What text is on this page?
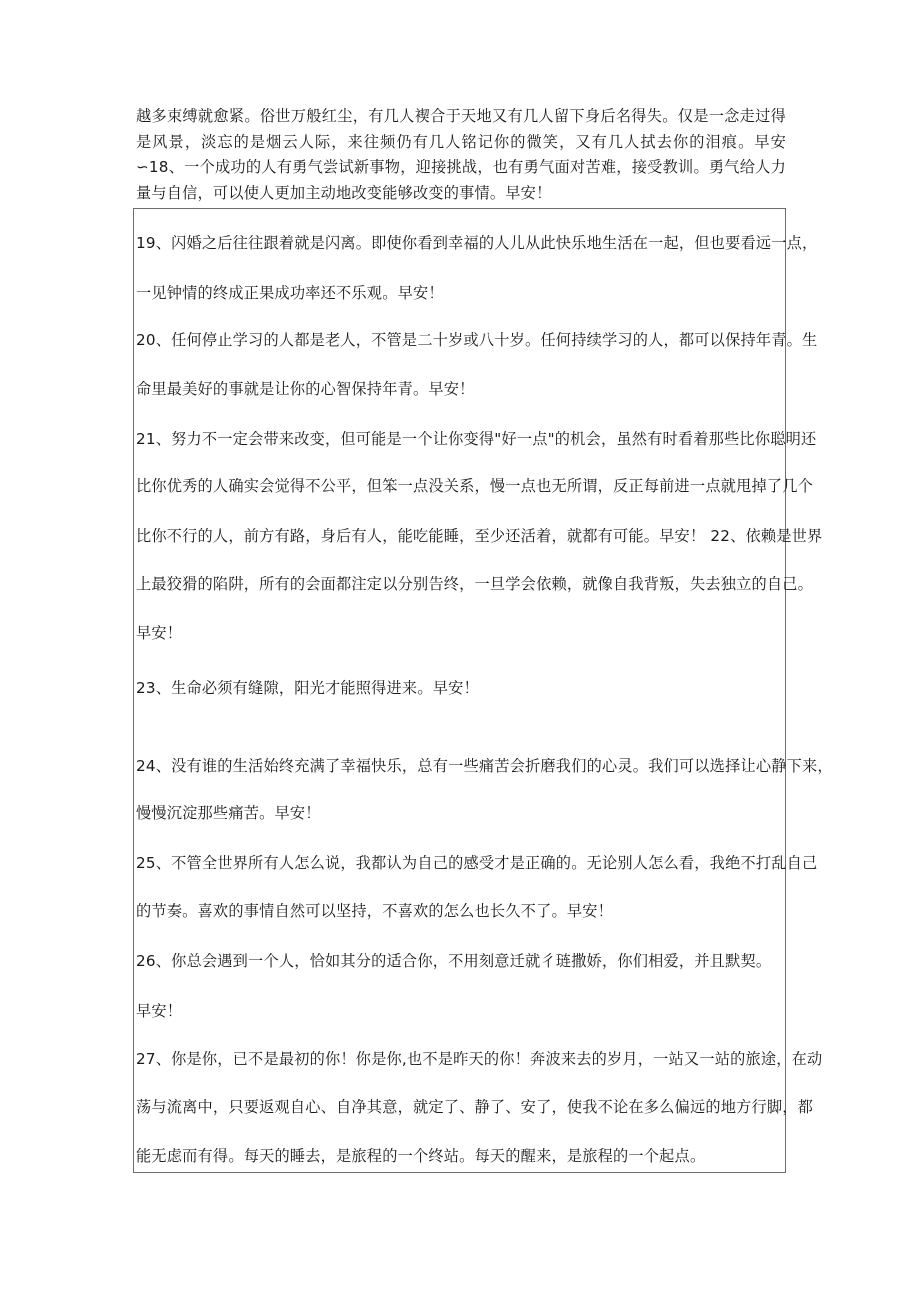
越多束缚就愈紧。俗世万般红尘，有几人褉合于天地又有几人留下身后名得失。仅是一念走过得是风景，淡忘的是烟云人际，来往频仍有几人铭记你的微笑，又有几人拭去你的泪痕。早安∽18、一个成功的人有勇气尝试新事物，迎接挑战，也有勇气面对苦难，接受教训。勇气给人力量与自信，可以使人更加主动地改变能够改变的事情。早安！

19、闪婚之后往往跟着就是闪离。即使你看到幸福的人儿从此快乐地生活在一起，但也要看远一点，

一见钟情的终成正果成功率还不乐观。早安！

20、任何停止学习的人都是老人，不管是二十岁或八十岁。任何持续学习的人，都可以保持年青。生

命里最美好的事就是让你的心智保持年青。早安！

21、努力不一定会带来改变，但可能是一个让你变得"好一点"的机会，虽然有时看着那些比你聪明还

比你优秀的人确实会觉得不公平，但笨一点没关系，慢一点也无所谓，反正每前进一点就甩掉了几个

比你不行的人，前方有路，身后有人，能吃能睡，至少还活着，就都有可能。早安！ 22、依赖是世界

上最狡猾的陷阱，所有的会面都注定以分别告终，一旦学会依赖，就像自我背叛，失去独立的自己。

早安！

23、生命必须有缝隙，阳光才能照得进来。早安！

24、没有谁的生活始终充满了幸福快乐，总有一些痛苦会折磨我们的心灵。我们可以选择让心静下来，

慢慢沉淀那些痛苦。早安！

25、不管全世界所有人怎么说，我都认为自己的感受才是正确的。无论别人怎么看，我绝不打乱自己

的节奏。喜欢的事情自然可以坚持，不喜欢的怎么也长久不了。早安！

26、你总会遇到一个人，恰如其分的适合你，不用刻意迁就彳琏撒娇，你们相爱，并且默契。

早安！

27、你是你，已不是最初的你！你是你,也不是昨天的你！奔波来去的岁月，一站又一站的旅途，在动

荡与流离中，只要返观自心、自净其意，就定了、静了、安了，使我不论在多么偏远的地方行脚，都

能无虑而有得。每天的睡去，是旅程的一个终站。每天的醒来，是旅程的一个起点。
